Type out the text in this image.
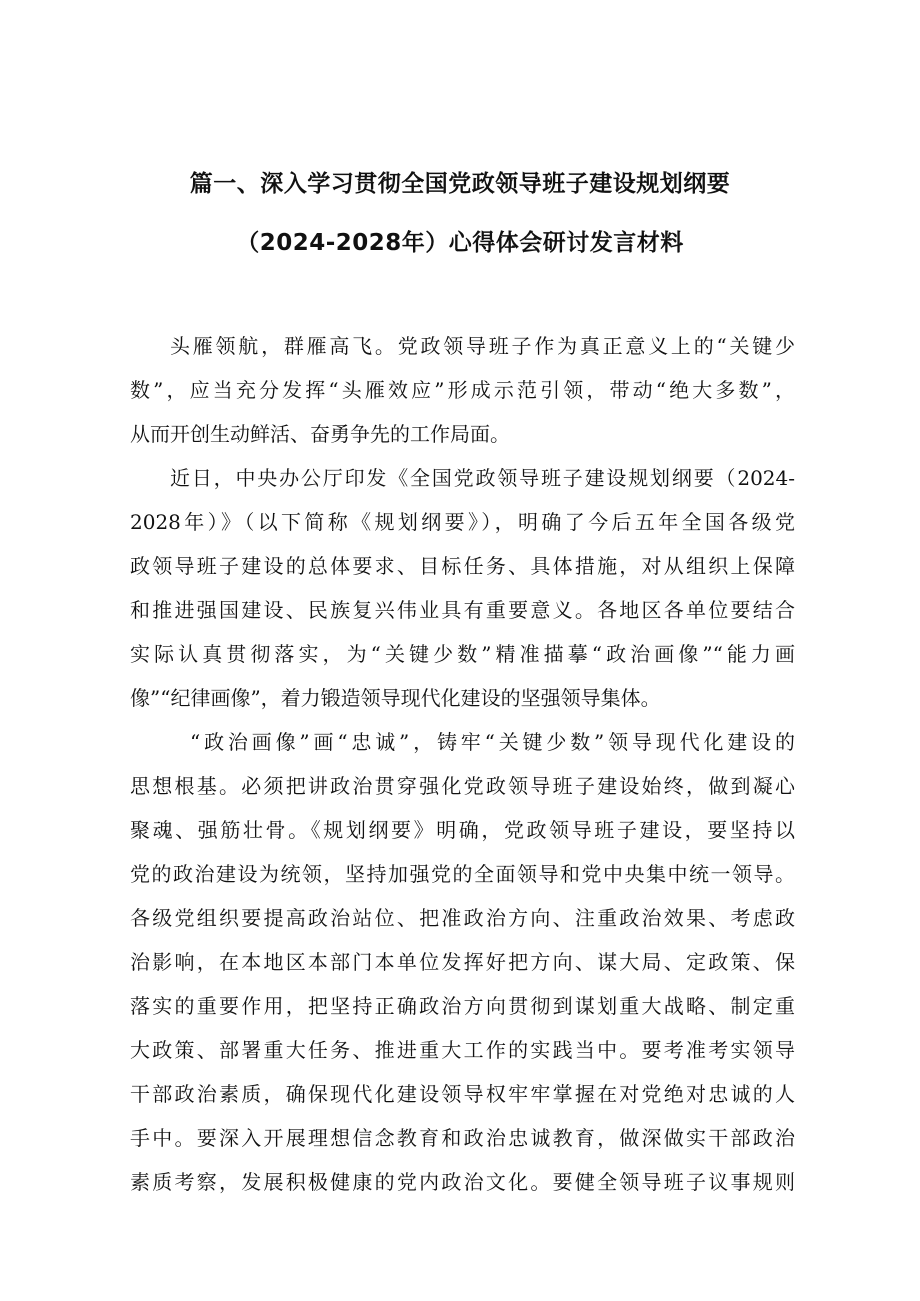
篇一、深入学习贯彻全国党政领导班子建设规划纲要
（2024-2028年）心得体会研讨发言材料
头雁领航，群雁高飞。党政领导班子作为真正意义上的“关键少
数”，应当充分发挥“头雁效应”形成示范引领，带动“绝大多数”，
从而开创生动鲜活、奋勇争先的工作局面。
近日，中央办公厅印发《全国党政领导班子建设规划纲要（2024-
2028年）》（以下简称《规划纲要》），明确了今后五年全国各级党
政领导班子建设的总体要求、目标任务、具体措施，对从组织上保障
和推进强国建设、民族复兴伟业具有重要意义。各地区各单位要结合
实际认真贯彻落实，为“关键少数”精准描摹“政治画像”“能力画
像”“纪律画像”，着力锻造领导现代化建设的坚强领导集体。
“政治画像”画“忠诚”，铸牢“关键少数”领导现代化建设的
思想根基。必须把讲政治贯穿强化党政领导班子建设始终，做到凝心
聚魂、强筋壮骨。《规划纲要》明确，党政领导班子建设，要坚持以
党的政治建设为统领，坚持加强党的全面领导和党中央集中统一领导。
各级党组织要提高政治站位、把准政治方向、注重政治效果、考虑政
治影响，在本地区本部门本单位发挥好把方向、谋大局、定政策、保
落实的重要作用，把坚持正确政治方向贯彻到谋划重大战略、制定重
大政策、部署重大任务、推进重大工作的实践当中。要考准考实领导
干部政治素质，确保现代化建设领导权牢牢掌握在对党绝对忠诚的人
手中。要深入开展理想信念教育和政治忠诚教育，做深做实干部政治
素质考察，发展积极健康的党内政治文化。要健全领导班子议事规则
